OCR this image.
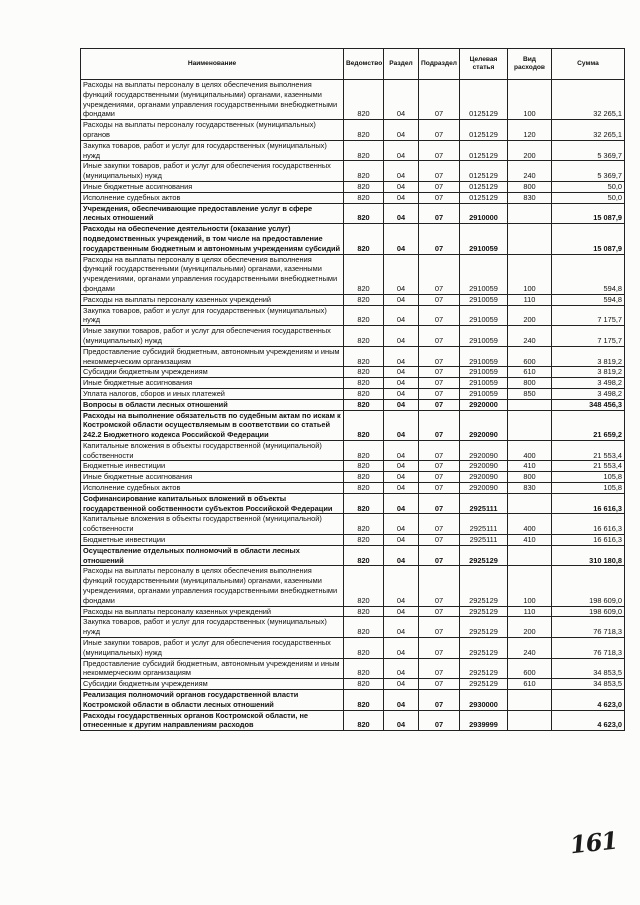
Наименование	Ведомство	Раздел	Подраздел	Целевая статья	Вид расходов	Сумма
Расходы на выплаты персоналу в целях обеспечения выполнения функций государственными (муниципальными) органами, казенными учреждениями, органами управления государственными внебюджетными фондами	820	04	07	0125129	100	32 265,1
Расходы на выплаты персоналу государственных (муниципальных) органов	820	04	07	0125129	120	32 265,1
Закупка товаров, работ и услуг для государственных (муниципальных) нужд	820	04	07	0125129	200	5 369,7
Иные закупки товаров, работ и услуг для обеспечения государственных (муниципальных) нужд	820	04	07	0125129	240	5 369,7
Иные бюджетные ассигнования	820	04	07	0125129	800	50,0
Исполнение судебных актов	820	04	07	0125129	830	50,0
Учреждения, обеспечивающие предоставление услуг в сфере лесных отношений	820	04	07	2910000		15 087,9
Расходы на обеспечение деятельности (оказание услуг) подведомственных учреждений, в том числе на предоставление государственным бюджетным и автономным учреждениям субсидий	820	04	07	2910059		15 087,9
Расходы на выплаты персоналу в целях обеспечения выполнения функций государственными (муниципальными) органами, казенными учреждениями, органами управления государственными внебюджетными фондами	820	04	07	2910059	100	594,8
Расходы на выплаты персоналу казенных учреждений	820	04	07	2910059	110	594,8
Закупка товаров, работ и услуг для государственных (муниципальных) нужд	820	04	07	2910059	200	7 175,7
Иные закупки товаров, работ и услуг для обеспечения государственных (муниципальных) нужд	820	04	07	2910059	240	7 175,7
Предоставление субсидий бюджетным, автономным учреждениям и иным некоммерческим организациям	820	04	07	2910059	600	3 819,2
Субсидии бюджетным учреждениям	820	04	07	2910059	610	3 819,2
Иные бюджетные ассигнования	820	04	07	2910059	800	3 498,2
Уплата налогов, сборов и иных платежей	820	04	07	2910059	850	3 498,2
Вопросы в области лесных отношений	820	04	07	2920000		348 456,3
Расходы на выполнение обязательств по судебным актам по искам к Костромской области осуществляемым в соответствии со статьей 242.2 Бюджетного кодекса Российской Федерации	820	04	07	2920090		21 659,2
Капитальные вложения в объекты государственной (муниципальной) собственности	820	04	07	2920090	400	21 553,4
Бюджетные инвестиции	820	04	07	2920090	410	21 553,4
Иные бюджетные ассигнования	820	04	07	2920090	800	105,8
Исполнение судебных актов	820	04	07	2920090	830	105,8
Софинансирование капитальных вложений в объекты государственной собственности субъектов Российской Федерации	820	04	07	2925111		16 616,3
Капитальные вложения в объекты государственной (муниципальной) собственности	820	04	07	2925111	400	16 616,3
Бюджетные инвестиции	820	04	07	2925111	410	16 616,3
Осуществление отдельных полномочий в области лесных отношений	820	04	07	2925129		310 180,8
Расходы на выплаты персоналу в целях обеспечения выполнения функций государственными (муниципальными) органами, казенными учреждениями, органами управления государственными внебюджетными фондами	820	04	07	2925129	100	198 609,0
Расходы на выплаты персоналу казенных учреждений	820	04	07	2925129	110	198 609,0
Закупка товаров, работ и услуг для государственных (муниципальных) нужд	820	04	07	2925129	200	76 718,3
Иные закупки товаров, работ и услуг для обеспечения государственных (муниципальных) нужд	820	04	07	2925129	240	76 718,3
Предоставление субсидий бюджетным, автономным учреждениям и иным некоммерческим организациям	820	04	07	2925129	600	34 853,5
Субсидии бюджетным учреждениям	820	04	07	2925129	610	34 853,5
Реализация полномочий органов государственной власти Костромской области в области лесных отношений	820	04	07	2930000		4 623,0
Расходы государственных органов Костромской области, не отнесенные к другим направлениям расходов	820	04	07	2939999		4 623,0
161
